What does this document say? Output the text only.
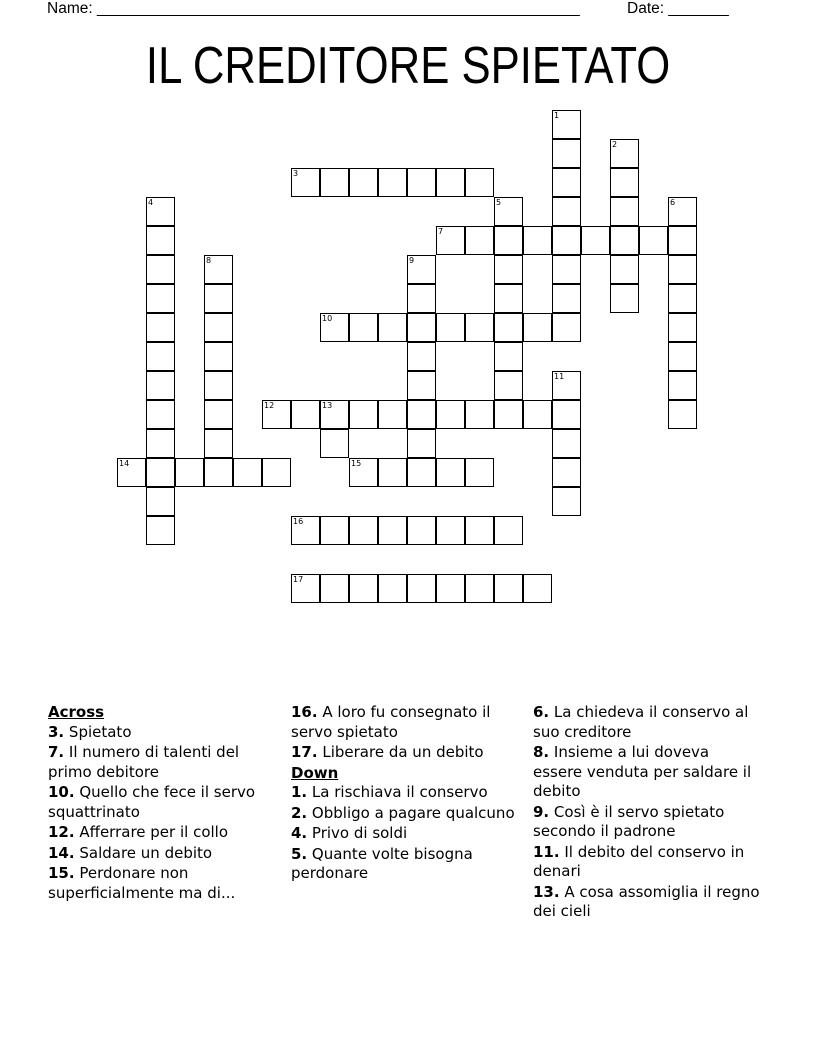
Name: ________________________________________________________	Date: _______
IL CREDITORE SPIETATO
1
2
3
4	5	6
7
8	9
10
11
12	13
14	15
16
17
Across
3. Spietato
7. Il numero di talenti del primo debitore
10. Quello che fece il servo squattrinato
12. Afferrare per il collo
14. Saldare un debito
15. Perdonare non superficialmente ma di...
16. A loro fu consegnato il servo spietato
17. Liberare da un debito
Down
1. La rischiava il conservo
2. Obbligo a pagare qualcuno
4. Privo di soldi
5. Quante volte bisogna perdonare
6. La chiedeva il conservo al suo creditore
8. Insieme a lui doveva essere venduta per saldare il debito
9. Così è il servo spietato secondo il padrone
11. Il debito del conservo in denari
13. A cosa assomiglia il regno dei cieli
